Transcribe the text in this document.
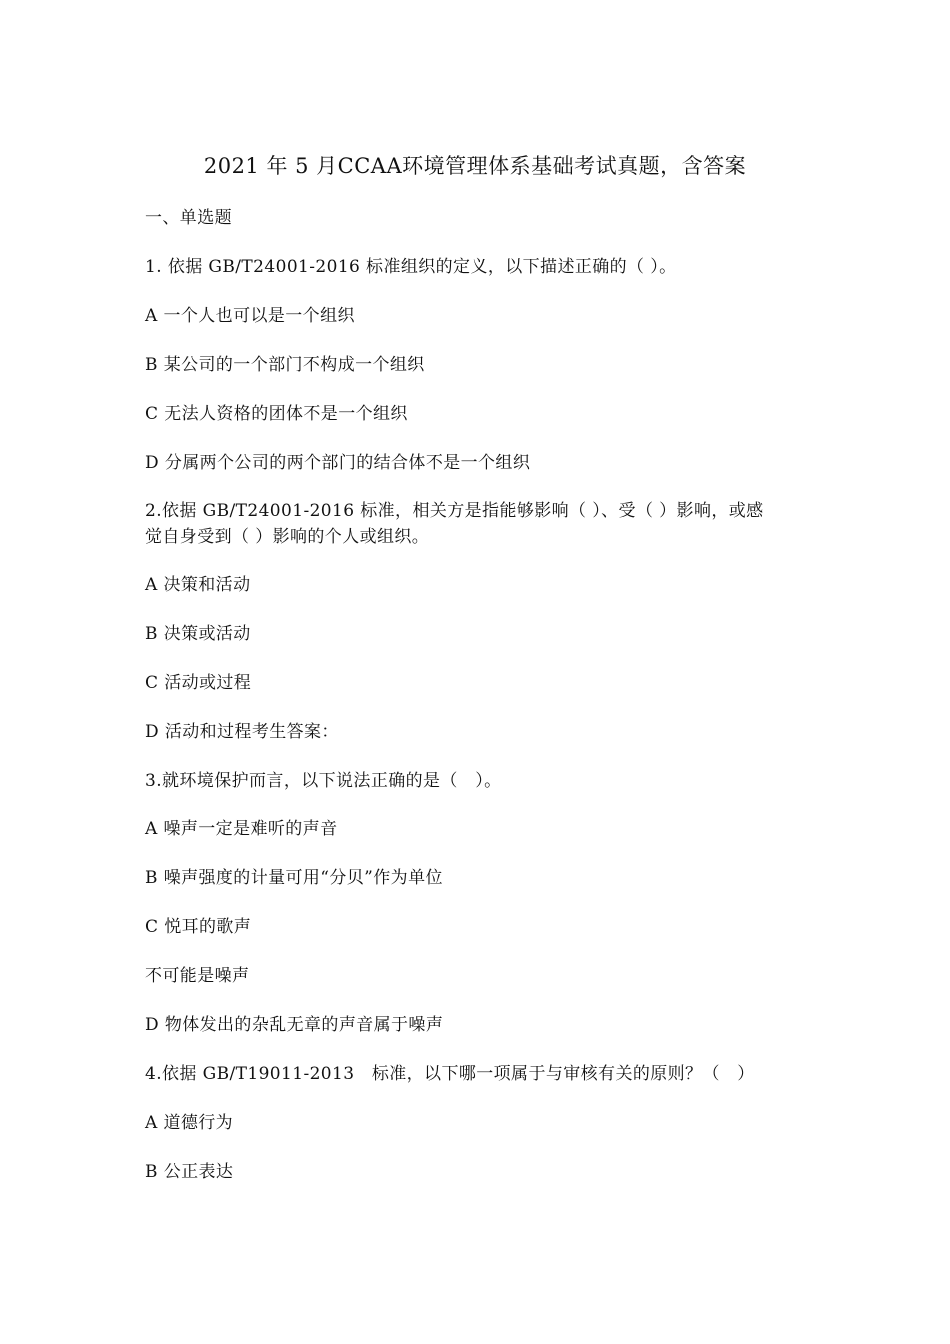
2021 年 5 月CCAA环境管理体系基础考试真题，含答案
一、单选题
1. 依据 GB/T24001-2016 标准组织的定义，以下描述正确的（ ）。
A 一个人也可以是一个组织
B 某公司的一个部门不构成一个组织
C 无法人资格的团体不是一个组织
D 分属两个公司的两个部门的结合体不是一个组织
2.依据 GB/T24001-2016 标准，相关方是指能够影响（ ）、受（ ）影响，或感
觉自身受到（ ）影响的个人或组织。
A 决策和活动
B 决策或活动
C 活动或过程
D 活动和过程考生答案：
3.就环境保护而言，以下说法正确的是（　）。
A 噪声一定是难听的声音
B 噪声强度的计量可用“分贝”作为单位
C 悦耳的歌声
不可能是噪声
D 物体发出的杂乱无章的声音属于噪声
4.依据 GB/T19011-2013　标准，以下哪一项属于与审核有关的原则？（　）
A 道德行为
B 公正表达
